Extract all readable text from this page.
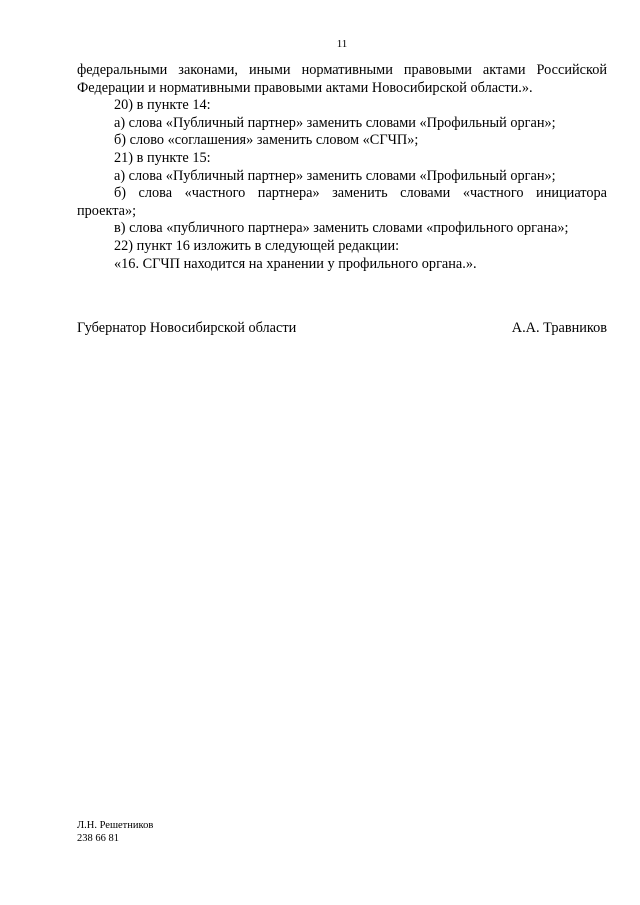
11

федеральными законами, иными нормативными правовыми актами Российской Федерации и нормативными правовыми актами Новосибирской области.».

20) в пункте 14:

а) слова «Публичный партнер» заменить словами «Профильный орган»;

б) слово «соглашения» заменить словом «СГЧП»;

21) в пункте 15:

а) слова «Публичный партнер» заменить словами «Профильный орган»;

б) слова «частного партнера» заменить словами «частного инициатора проекта»;

в) слова «публичного партнера» заменить словами «профильного органа»;

22) пункт 16 изложить в следующей редакции:

«16. СГЧП находится на хранении у профильного органа.».

Губернатор Новосибирской области	А.А. Травников
Л.Н. Решетников
238 66 81
